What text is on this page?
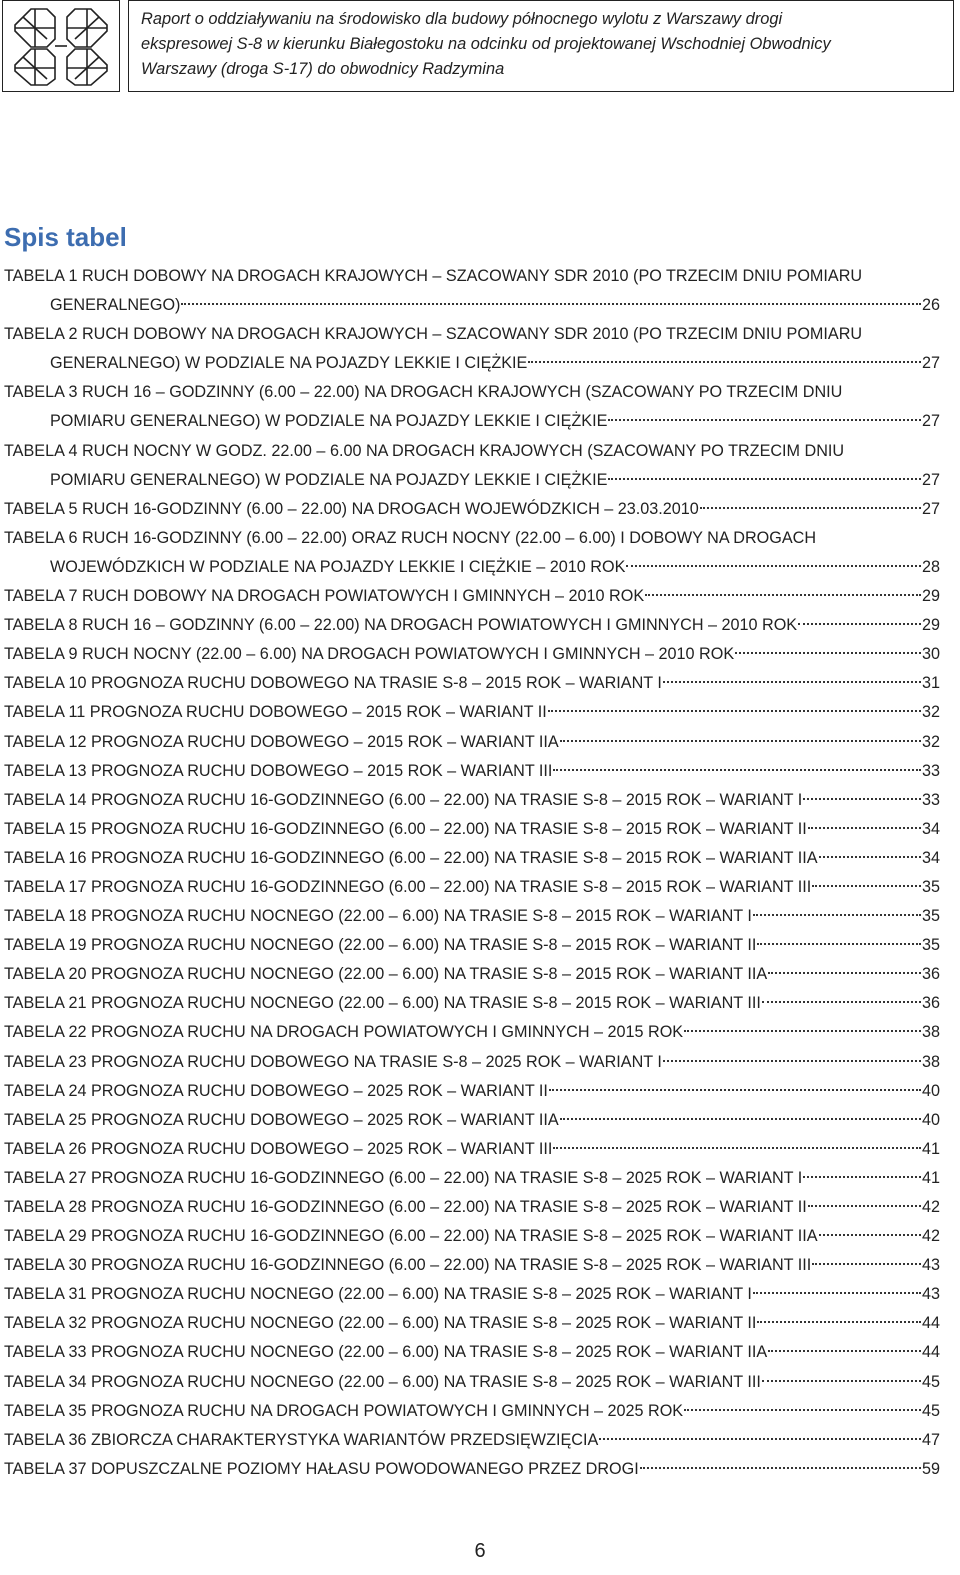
Raport o oddziaływaniu na środowisko dla budowy północnego wylotu z Warszawy drogi
ekspresowej S-8 w kierunku Białegostoku na odcinku od projektowanej Wschodniej Obwodnicy
Warszawy (droga S-17) do obwodnicy Radzymina
Spis tabel
TABELA 1 RUCH DOBOWY NA DROGACH KRAJOWYCH – SZACOWANY SDR 2010 (PO TRZECIM DNIU POMIARU
GENERALNEGO)	26
TABELA 2 RUCH DOBOWY NA DROGACH KRAJOWYCH – SZACOWANY SDR 2010 (PO TRZECIM DNIU POMIARU
GENERALNEGO) W PODZIALE NA POJAZDY LEKKIE I CIĘŻKIE	27
TABELA 3 RUCH 16 – GODZINNY (6.00 – 22.00) NA DROGACH KRAJOWYCH (SZACOWANY PO TRZECIM DNIU
POMIARU GENERALNEGO) W PODZIALE NA POJAZDY LEKKIE I CIĘŻKIE	27
TABELA 4 RUCH NOCNY W GODZ. 22.00 – 6.00 NA DROGACH KRAJOWYCH (SZACOWANY PO TRZECIM DNIU
POMIARU GENERALNEGO) W PODZIALE NA POJAZDY LEKKIE I CIĘŻKIE	27
TABELA 5 RUCH 16-GODZINNY (6.00 – 22.00) NA DROGACH WOJEWÓDZKICH – 23.03.2010	27
TABELA 6 RUCH 16-GODZINNY (6.00 – 22.00) ORAZ RUCH NOCNY (22.00 – 6.00) I DOBOWY NA DROGACH
WOJEWÓDZKICH W PODZIALE NA POJAZDY LEKKIE I CIĘŻKIE – 2010 ROK	28
TABELA 7 RUCH DOBOWY NA DROGACH POWIATOWYCH I GMINNYCH – 2010 ROK	29
TABELA 8 RUCH 16 – GODZINNY (6.00 – 22.00) NA DROGACH POWIATOWYCH I GMINNYCH – 2010 ROK	29
TABELA 9 RUCH NOCNY (22.00 – 6.00) NA DROGACH POWIATOWYCH I GMINNYCH – 2010 ROK	30
TABELA 10 PROGNOZA RUCHU DOBOWEGO NA TRASIE S-8 – 2015 ROK – WARIANT I	31
TABELA 11 PROGNOZA RUCHU DOBOWEGO – 2015 ROK – WARIANT II	32
TABELA 12 PROGNOZA RUCHU DOBOWEGO – 2015 ROK – WARIANT IIA	32
TABELA 13 PROGNOZA RUCHU DOBOWEGO – 2015 ROK – WARIANT III	33
TABELA 14 PROGNOZA RUCHU 16-GODZINNEGO (6.00 – 22.00) NA TRASIE S-8 – 2015 ROK – WARIANT I	33
TABELA 15 PROGNOZA RUCHU 16-GODZINNEGO (6.00 – 22.00) NA TRASIE S-8 – 2015 ROK – WARIANT II	34
TABELA 16 PROGNOZA RUCHU 16-GODZINNEGO (6.00 – 22.00) NA TRASIE S-8 – 2015 ROK – WARIANT IIA	34
TABELA 17 PROGNOZA RUCHU 16-GODZINNEGO (6.00 – 22.00) NA TRASIE S-8 – 2015 ROK – WARIANT III	35
TABELA 18 PROGNOZA RUCHU NOCNEGO (22.00 – 6.00) NA TRASIE S-8 – 2015 ROK – WARIANT I	35
TABELA 19 PROGNOZA RUCHU NOCNEGO (22.00 – 6.00) NA TRASIE S-8 – 2015 ROK – WARIANT II	35
TABELA 20 PROGNOZA RUCHU NOCNEGO (22.00 – 6.00) NA TRASIE S-8 – 2015 ROK – WARIANT IIA	36
TABELA 21 PROGNOZA RUCHU NOCNEGO (22.00 – 6.00) NA TRASIE S-8 – 2015 ROK – WARIANT III	36
TABELA 22 PROGNOZA RUCHU NA DROGACH POWIATOWYCH I GMINNYCH – 2015 ROK	38
TABELA 23 PROGNOZA RUCHU DOBOWEGO NA TRASIE S-8 – 2025 ROK – WARIANT I	38
TABELA 24 PROGNOZA RUCHU DOBOWEGO – 2025 ROK – WARIANT II	40
TABELA 25 PROGNOZA RUCHU DOBOWEGO – 2025 ROK – WARIANT IIA	40
TABELA 26 PROGNOZA RUCHU DOBOWEGO – 2025 ROK – WARIANT III	41
TABELA 27 PROGNOZA RUCHU 16-GODZINNEGO (6.00 – 22.00) NA TRASIE S-8 – 2025 ROK – WARIANT I	41
TABELA 28 PROGNOZA RUCHU 16-GODZINNEGO (6.00 – 22.00) NA TRASIE S-8 – 2025 ROK – WARIANT II	42
TABELA 29 PROGNOZA RUCHU 16-GODZINNEGO (6.00 – 22.00) NA TRASIE S-8 – 2025 ROK – WARIANT IIA	42
TABELA 30 PROGNOZA RUCHU 16-GODZINNEGO (6.00 – 22.00) NA TRASIE S-8 – 2025 ROK – WARIANT III	43
TABELA 31 PROGNOZA RUCHU NOCNEGO (22.00 – 6.00) NA TRASIE S-8 – 2025 ROK – WARIANT I	43
TABELA 32 PROGNOZA RUCHU NOCNEGO (22.00 – 6.00) NA TRASIE S-8 – 2025 ROK – WARIANT II	44
TABELA 33 PROGNOZA RUCHU NOCNEGO (22.00 – 6.00) NA TRASIE S-8 – 2025 ROK – WARIANT IIA	44
TABELA 34 PROGNOZA RUCHU NOCNEGO (22.00 – 6.00) NA TRASIE S-8 – 2025 ROK – WARIANT III	45
TABELA 35 PROGNOZA RUCHU NA DROGACH POWIATOWYCH I GMINNYCH – 2025 ROK	45
TABELA 36 ZBIORCZA CHARAKTERYSTYKA WARIANTÓW PRZEDSIĘWZIĘCIA	47
TABELA 37 DOPUSZCZALNE POZIOMY HAŁASU POWODOWANEGO PRZEZ DROGI	59
6
